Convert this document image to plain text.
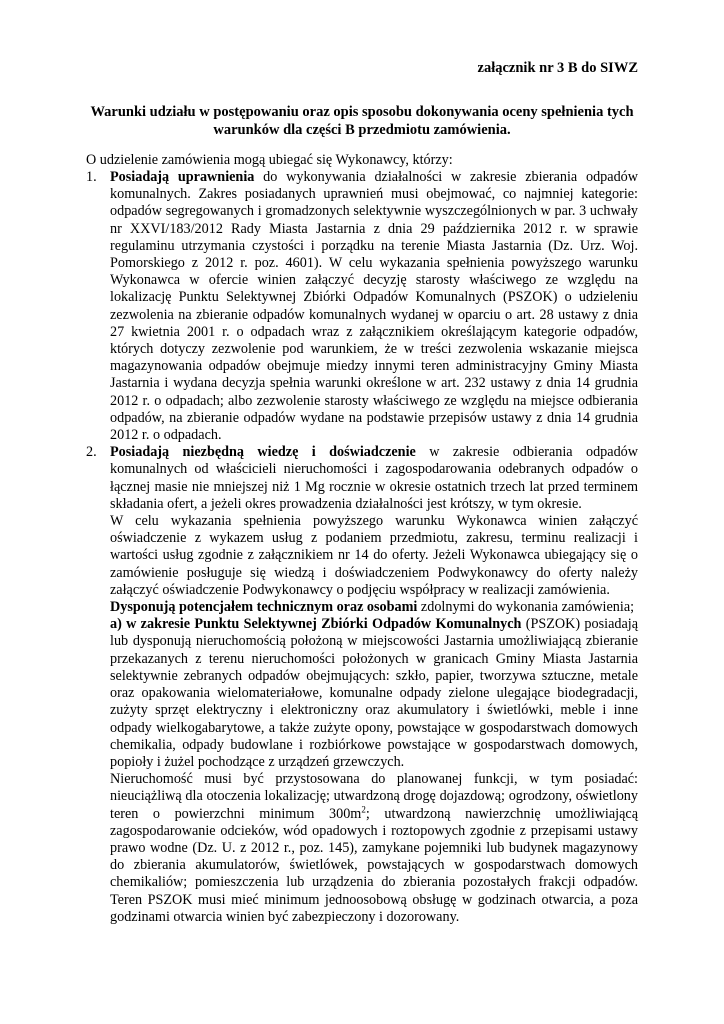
załącznik nr 3 B do SIWZ
Warunki udziału w postępowaniu oraz opis sposobu dokonywania oceny spełnienia tych warunków dla części B przedmiotu zamówienia.

O udzielenie zamówienia mogą ubiegać się Wykonawcy, którzy:

1. Posiadają uprawnienia do wykonywania działalności w zakresie zbierania odpadów komunalnych. Zakres posiadanych uprawnień musi obejmować, co najmniej kategorie: odpadów segregowanych i gromadzonych selektywnie wyszczególnionych w par. 3 uchwały nr XXVI/183/2012 Rady Miasta Jastarnia z dnia 29 października 2012 r. w sprawie regulaminu utrzymania czystości i porządku na terenie Miasta Jastarnia (Dz. Urz. Woj. Pomorskiego z 2012 r. poz. 4601). W celu wykazania spełnienia powyższego warunku Wykonawca w ofercie winien załączyć decyzję starosty właściwego ze względu na lokalizację Punktu Selektywnej Zbiórki Odpadów Komunalnych (PSZOK) o udzieleniu zezwolenia na zbieranie odpadów komunalnych wydanej w oparciu o art. 28 ustawy z dnia 27 kwietnia 2001 r. o odpadach wraz z załącznikiem określającym kategorie odpadów, których dotyczy zezwolenie pod warunkiem, że w treści zezwolenia wskazanie miejsca magazynowania odpadów obejmuje miedzy innymi teren administracyjny Gminy Miasta Jastarnia i wydana decyzja spełnia warunki określone w art. 232 ustawy z dnia 14 grudnia 2012 r. o odpadach; albo zezwolenie starosty właściwego ze względu na miejsce odbierania odpadów, na zbieranie odpadów wydane na podstawie przepisów ustawy z dnia 14 grudnia 2012 r. o odpadach.

2. Posiadają niezbędną wiedzę i doświadczenie w zakresie odbierania odpadów komunalnych od właścicieli nieruchomości i zagospodarowania odebranych odpadów o łącznej masie nie mniejszej niż 1 Mg rocznie w okresie ostatnich trzech lat przed terminem składania ofert, a jeżeli okres prowadzenia działalności jest krótszy, w tym okresie.

W celu wykazania spełnienia powyższego warunku Wykonawca winien załączyć oświadczenie z wykazem usług z podaniem przedmiotu, zakresu, terminu realizacji i wartości usług zgodnie z załącznikiem nr 14 do oferty. Jeżeli Wykonawca ubiegający się o zamówienie posługuje się wiedzą i doświadczeniem Podwykonawcy do oferty należy załączyć oświadczenie Podwykonawcy o podjęciu współpracy w realizacji zamówienia.

Dysponują potencjałem technicznym oraz osobami zdolnymi do wykonania zamówienia;

a) w zakresie Punktu Selektywnej Zbiórki Odpadów Komunalnych (PSZOK) posiadają lub dysponują nieruchomością położoną w miejscowości Jastarnia umożliwiającą zbieranie przekazanych z terenu nieruchomości położonych w granicach Gminy Miasta Jastarnia selektywnie zebranych odpadów obejmujących: szkło, papier, tworzywa sztuczne, metale oraz opakowania wielomateriałowe, komunalne odpady zielone ulegające biodegradacji, zużyty sprzęt elektryczny i elektroniczny oraz akumulatory i świetlówki, meble i inne odpady wielkogabarytowe, a także zużyte opony, powstające w gospodarstwach domowych chemikalia, odpady budowlane i rozbiórkowe powstające w gospodarstwach domowych, popioły i żużel pochodzące z urządzeń grzewczych.

Nieruchomość musi być przystosowana do planowanej funkcji, w tym posiadać: nieuciążliwą dla otoczenia lokalizację; utwardzoną drogę dojazdową; ogrodzony, oświetlony teren o powierzchni minimum $300m^2$; utwardzoną nawierzchnię umożliwiającą zagospodarowanie odcieków, wód opadowych i roztopowych zgodnie z przepisami ustawy prawo wodne (Dz. U. z 2012 r., poz. 145), zamykane pojemniki lub budynek magazynowy do zbierania akumulatorów, świetlówek, powstających w gospodarstwach domowych chemikaliów; pomieszczenia lub urządzenia do zbierania pozostałych frakcji odpadów. Teren PSZOK musi mieć minimum jednoosobową obsługę w godzinach otwarcia, a poza godzinami otwarcia winien być zabezpieczony i dozorowany.
